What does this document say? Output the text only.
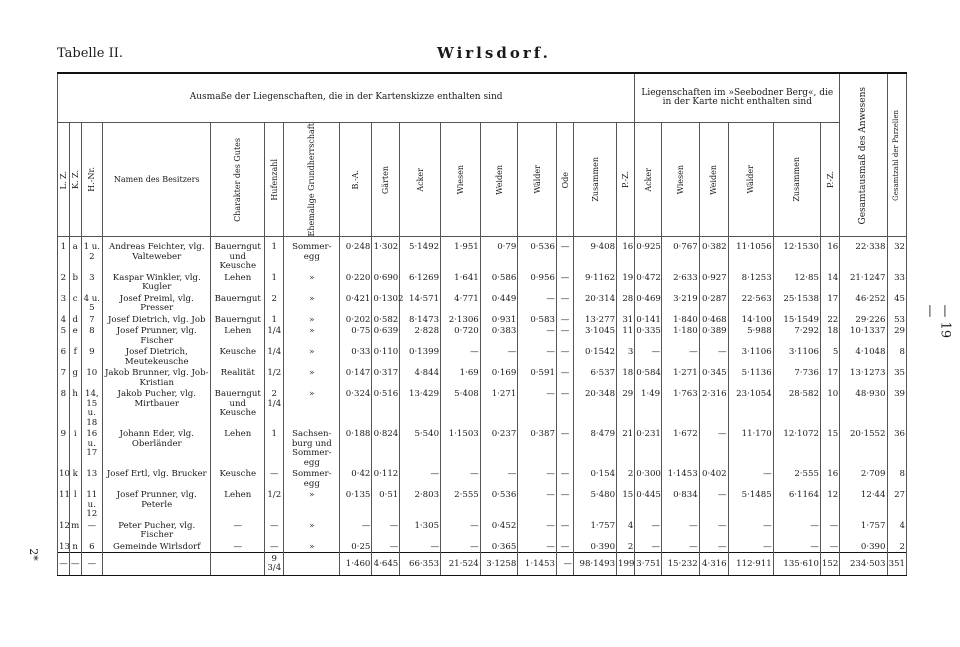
Tabelle II.	Wirlsdorf.
— 19 —
2*
Ausmaße der Liegenschaften, die in der Kartenskizze enthalten sind																Liegenschaften im »Seebodner Berg«, die in der Karte nicht enthalten sind						Gesamtausmaß des Anwesens	Gesamtzahl der Parzellen

L. Z.	K. Z.	H.-Nr.	Namen des Besitzers	Charakter des Gutes	Hufenzahl	Ehemalige Grundherrschaft	B.-A.	Gärten	Äcker	Wiesen	Weiden	Wälder	Öde	Zusammen	P.-Z.	Äcker	Wiesen	Weiden	Wälder	Zusammen	P.-Z.		

1	a	1 u. 2	Andreas Feichter, vlg. Valteweber	Bauerngut und Keusche	1	Sommer-egg	0·248	1·302	5·1492	1·951	0·79	0·536	—	9·408	16	0·925	0·767	0·382	11·1056	12·1530	16	22·338	32
2	b	3	Kaspar Winkler, vlg. Kugler	Lehen	1	»	0·220	0·690	6·1269	1·641	0·586	0·956	—	9·1162	19	0·472	2·633	0·927	8·1253	12·85	14	21·1247	33
3	c	4 u. 5	Josef Preiml, vlg. Presser	Bauerngut	2	»	0·421	0·1302	14·571	4·771	0·449	—	—	20·314	28	0·469	3·219	0·287	22·563	25·1538	17	46·252	45
4	d	7	Josef Dietrich, vlg. Job	Bauerngut	1	»	0·202	0·582	8·1473	2·1306	0·931	0·583	—	13·277	31	0·141	1·840	0·468	14·100	15·1549	22	29·226	53
5	e	8	Josef Prunner, vlg. Fischer	Lehen	1/4	»	0·75	0·639	2·828	0·720	0·383	—	—	3·1045	11	0·335	1·180	0·389	5·988	7·292	18	10·1337	29
6	f	9	Josef Dietrich, Meutekeusche	Keusche	1/4	»	0·33	0·110	0·1399	—	—	—	—	0·1542	3	—	—	—	3·1106	3·1106	5	4·1048	8
7	g	10	Jakob Brunner, vlg. Job-Kristian	Realität	1/2	»	0·147	0·317	4·844	1·69	0·169	0·591	—	6·537	18	0·584	1·271	0·345	5·1136	7·736	17	13·1273	35
8	h	14, 15 u. 18	Jakob Pucher, vlg. Mirtbauer	Bauerngut und Keusche	2 1/4	»	0·324	0·516	13·429	5·408	1·271	—	—	20·348	29	1·49	1·763	2·316	23·1054	28·582	10	48·930	39
9	i	16 u. 17	Johann Eder, vlg. Oberländer	Lehen	1	Sachsen-burg und Sommer-egg	0·188	0·824	5·540	1·1503	0·237	0·387	—	8·479	21	0·231	1·672	—	11·170	12·1072	15	20·1552	36
10	k	13	Josef Ertl, vlg. Brucker	Keusche	—	Sommer-egg	0·42	0·112	—	—	—	—	—	0·154	2	0·300	1·1453	0·402	—	2·555	16	2·709	8
11	l	11 u. 12	Josef Prunner, vlg. Peterle	Lehen	1/2	»	0·135	0·51	2·803	2·555	0·536	—	—	5·480	15	0·445	0·834	—	5·1485	6·1164	12	12·44	27
12	m	—	Peter Pucher, vlg. Fischer	—	—	»	—	—	1·305	—	0·452	—	—	1·757	4	—	—	—	—	—	—	1·757	4
13	n	6	Gemeinde Wirlsdorf	—	—	»	0·25	—	—	—	0·365	—	—	0·390	2	—	—	—	—	—	—	0·390	2
—	—	—			9 3/4		1·460	4·645	66·353	21·524	3·1258	1·1453	—	98·1493	199	3·751	15·232	4·316	112·911	135·610	152	234·503	351
